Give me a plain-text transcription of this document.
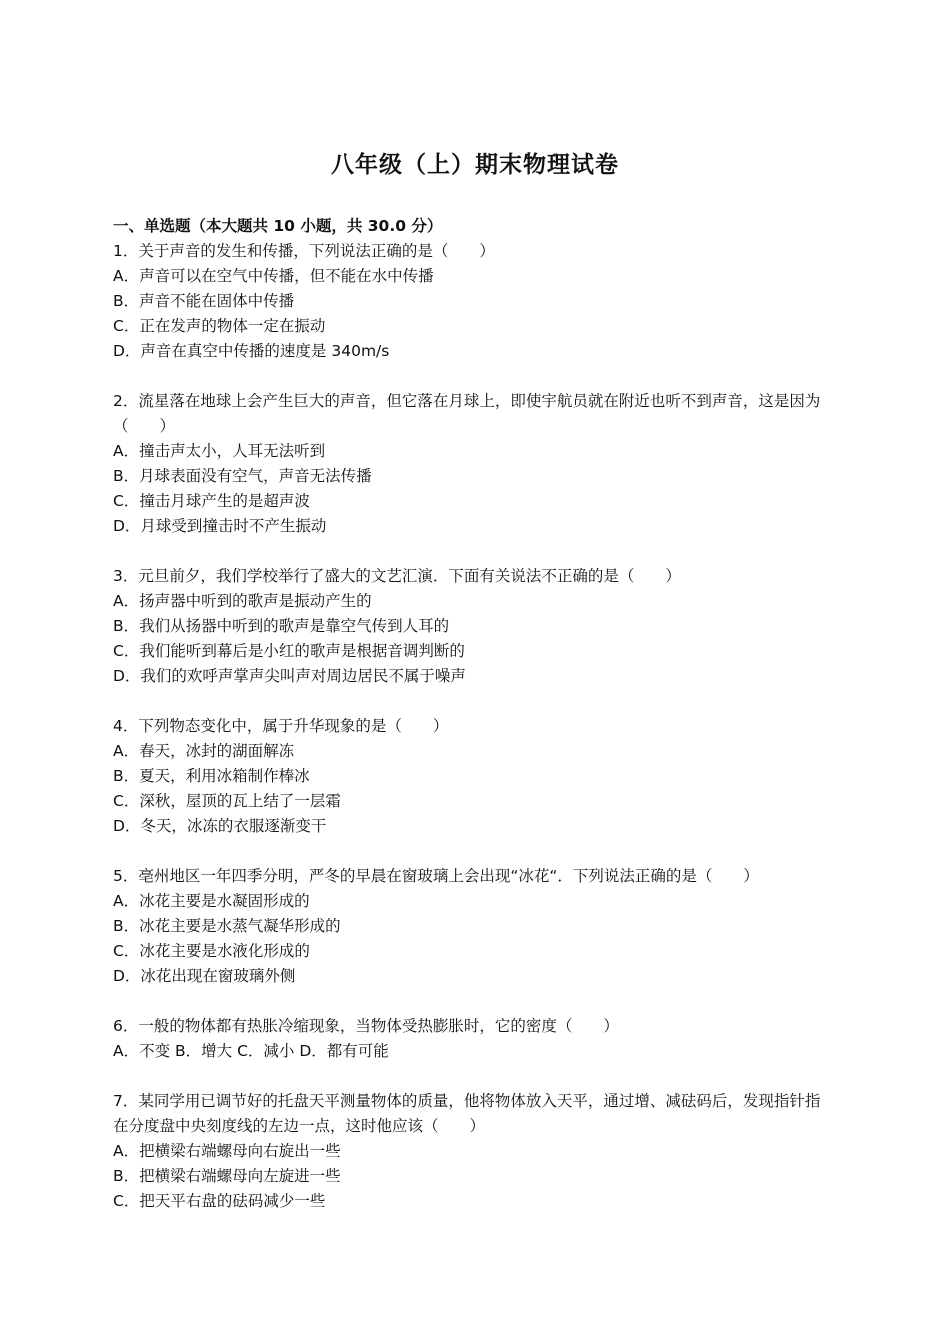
八年级（上）期末物理试卷
一、单选题（本大题共 10 小题，共 30.0 分）
1．关于声音的发生和传播，下列说法正确的是（　　）
A．声音可以在空气中传播，但不能在水中传播
B．声音不能在固体中传播
C．正在发声的物体一定在振动
D．声音在真空中传播的速度是 340m/s
2．流星落在地球上会产生巨大的声音，但它落在月球上，即使宇航员就在附近也听不到声音，这是因为（　　）
A．撞击声太小，人耳无法听到
B．月球表面没有空气，声音无法传播
C．撞击月球产生的是超声波
D．月球受到撞击时不产生振动
3．元旦前夕，我们学校举行了盛大的文艺汇演．下面有关说法不正确的是（　　）
A．扬声器中听到的歌声是振动产生的
B．我们从扬器中听到的歌声是靠空气传到人耳的
C．我们能听到幕后是小红的歌声是根据音调判断的
D．我们的欢呼声掌声尖叫声对周边居民不属于噪声
4．下列物态变化中，属于升华现象的是（　　）
A．春天，冰封的湖面解冻
B．夏天，利用冰箱制作棒冰
C．深秋，屋顶的瓦上结了一层霜
D．冬天，冰冻的衣服逐渐变干
5．亳州地区一年四季分明，严冬的早晨在窗玻璃上会出现“冰花“．下列说法正确的是（　　）
A．冰花主要是水凝固形成的
B．冰花主要是水蒸气凝华形成的
C．冰花主要是水液化形成的
D．冰花出现在窗玻璃外侧
6．一般的物体都有热胀冷缩现象，当物体受热膨胀时，它的密度（　　）
A．不变 B．增大 C．减小 D．都有可能
7．某同学用已调节好的托盘天平测量物体的质量，他将物体放入天平，通过增、减砝码后，发现指针指在分度盘中央刻度线的左边一点，这时他应该（　　）
A．把横梁右端螺母向右旋出一些
B．把横梁右端螺母向左旋进一些
C．把天平右盘的砝码减少一些
